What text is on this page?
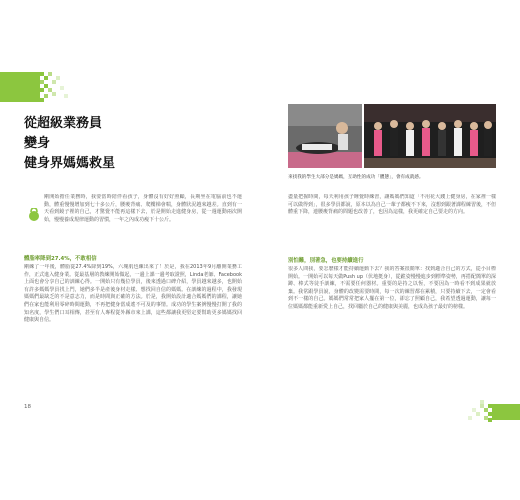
從超級業務員
變身
健身界媽媽救星
剛開始擔任業務時，我要當時陪伴看孩子，身體沒有好好照顧，長期坐在電腦前也不運動，體重慢慢增加到七十多公斤，腰痠背痛、爬樓梯會喘，身體狀況越來越差。直到有一天看到鏡子裡的自己，才驚覺不能再這樣下去，於是開始走進健身房，從一週運動兩次開始，慢慢養成規律運動的習慣，一年之內成功瘦下十公斤。
體脂率降到27.4%，不敢相信
剛練了一年後，體脂從27.4%降到19%，六塊肌也練出來了！於是，我在2013年9月離開業務工作，正式進入健身業。從最基層的教練開始做起，一邊上課一邊考取證照，Linda老師、Facebook上面也會分享自己的訓練心得。一開始只有幾位學員，後來透過口碑介紹，學員越來越多，也開始有許多媽媽學員找上門，她們多半是產後身材走樣、想找回自信的媽媽。在訓練的過程中，我發現媽媽們最缺乏的不是意志力，而是時間與正確的方法。於是，我開始設計適合媽媽們的課程，讓她們在家也能利用零碎時間運動，不再把健身當成遙不可及的事情。成功的學生案例慢慢打開了我的知名度，學生們口耳相傳，甚至有人專程從外縣市來上課，這些都讓我更堅定要幫助更多媽媽找回健康與自信。
18
來找我的學生大部分是媽媽，互助性的成功「體態」，會有成就感。
盡量把握時間，每天利用孩子睡覺時練習，讓媽媽們知道「不用花大錢上健身房，在家裡一樣可以做得到」，很多學員都說，原本以為自己一輩子都瘦不下來，沒想到跟著課程練習後，不但體重下降，連腰痠背痛的問題也改善了，也因為這樣，我更確定自己要走的方向。
別怕難，別著急，也要持續進行
很多人問我，要怎麼樣才能持續運動下去？我的答案很簡單：找到適合自己的方式，從小目標開始。一開始可以每天做Push up（伏地挺身），從跪姿慢慢進步到標準姿勢，再搭配簡單的深蹲、棒式等徒手訓練，不需要任何器材。重要的是持之以恆，不要因為一時看不到成果就放棄。我常跟學員說，身體的改變需要時間，每一次的練習都在累積，只要持續下去，一定會看到不一樣的自己。媽媽們常常把家人擺在第一位，卻忘了照顧自己，我希望透過運動，讓每一位媽媽都能重新愛上自己，找回屬於自己的健康與美麗，也成為孩子最好的榜樣。
